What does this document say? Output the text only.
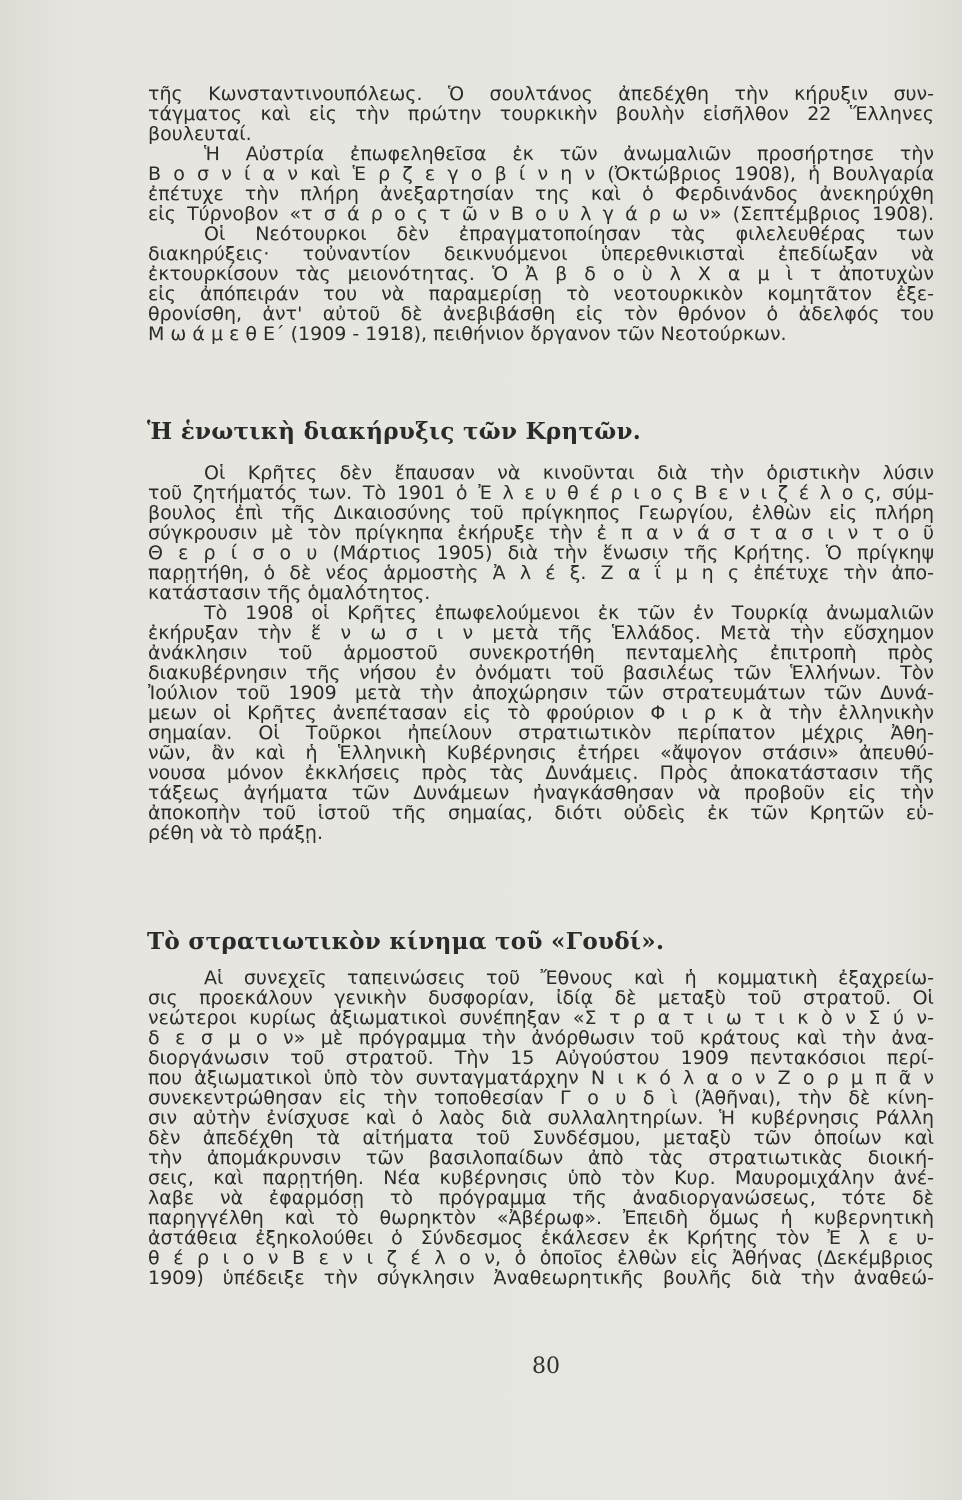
τῆς Κωνσταντινουπόλεως. Ὁ σουλτάνος ἀπεδέχθη τὴν κήρυξιν συν-
τάγματος καὶ εἰς τὴν πρώτην τουρκικὴν βουλὴν εἰσῆλθον 22 Ἕλληνες
βουλευταί.
Ἡ Αὐστρία ἐπωφεληθεῖσα ἐκ τῶν ἀνωμαλιῶν προσήρτησε τὴν
Β ο σ ν ί α ν καὶ Ἑ ρ ζ ε γ ο β ί ν η ν (Ὀκτώβριος 1908), ἡ Βουλγαρία
ἐπέτυχε τὴν πλήρη ἀνεξαρτησίαν της καὶ ὁ Φερδινάνδος ἀνεκηρύχθη
εἰς Τύρνοβον «τ σ ά ρ ο ς τ ῶ ν Β ο υ λ γ ά ρ ω ν» (Σεπτέμβριος 1908).
Οἱ Νεότουρκοι δὲν ἐπραγματοποίησαν τὰς φιλελευθέρας των
διακηρύξεις· τοὐναντίον δεικνυόμενοι ὑπερεθνικισταὶ ἐπεδίωξαν νὰ
ἐκτουρκίσουν τὰς μειονότητας. Ὁ Ἀ β δ ο ὺ λ Χ α μ ὶ τ ἀποτυχὼν
εἰς ἀπόπειράν του νὰ παραμερίσῃ τὸ νεοτουρκικὸν κομητᾶτον ἐξε-
θρονίσθη, ἀντ' αὐτοῦ δὲ ἀνεβιβάσθη εἰς τὸν θρόνον ὁ ἀδελφός του
Μ ω ά μ ε θ Ε΄ (1909 - 1918), πειθήνιον ὄργανον τῶν Νεοτούρκων.
Ἡ ἑνωτικὴ διακήρυξις τῶν Κρητῶν.
Οἱ Κρῆτες δὲν ἔπαυσαν νὰ κινοῦνται διὰ τὴν ὁριστικὴν λύσιν
τοῦ ζητήματός των. Τὸ 1901 ὁ Ἐ λ ε υ θ έ ρ ι ο ς Β ε ν ι ζ έ λ ο ς, σύμ-
βουλος ἐπὶ τῆς Δικαιοσύνης τοῦ πρίγκηπος Γεωργίου, ἐλθὼν εἰς πλήρη
σύγκρουσιν μὲ τὸν πρίγκηπα ἐκήρυξε τὴν ἐ π α ν ά σ τ α σ ι ν τ ο ῦ
Θ ε ρ ί σ ο υ (Μάρτιος 1905) διὰ τὴν ἕνωσιν τῆς Κρήτης. Ὁ πρίγκηψ
παρῃτήθη, ὁ δὲ νέος ἁρμοστὴς Ἀ λ έ ξ. Ζ α ΐ μ η ς ἐπέτυχε τὴν ἀπο-
κατάστασιν τῆς ὁμαλότητος.
Τὸ 1908 οἱ Κρῆτες ἐπωφελούμενοι ἐκ τῶν ἐν Τουρκίᾳ ἀνωμαλιῶν
ἐκήρυξαν τὴν ἕ ν ω σ ι ν μετὰ τῆς Ἑλλάδος. Μετὰ τὴν εὔσχημον
ἀνάκλησιν τοῦ ἁρμοστοῦ συνεκροτήθη πενταμελὴς ἐπιτροπὴ πρὸς
διακυβέρνησιν τῆς νήσου ἐν ὀνόματι τοῦ βασιλέως τῶν Ἑλλήνων. Τὸν
Ἰούλιον τοῦ 1909 μετὰ τὴν ἀποχώρησιν τῶν στρατευμάτων τῶν Δυνά-
μεων οἱ Κρῆτες ἀνεπέτασαν εἰς τὸ φρούριον Φ ι ρ κ ὰ τὴν ἑλληνικὴν
σημαίαν. Οἱ Τοῦρκοι ἠπείλουν στρατιωτικὸν περίπατον μέχρις Ἀθη-
νῶν, ἂν καὶ ἡ Ἑλληνικὴ Κυβέρνησις ἐτήρει «ἄψογον στάσιν» ἀπευθύ-
νουσα μόνον ἐκκλήσεις πρὸς τὰς Δυνάμεις. Πρὸς ἀποκατάστασιν τῆς
τάξεως ἀγήματα τῶν Δυνάμεων ἠναγκάσθησαν νὰ προβοῦν εἰς τὴν
ἀποκοπὴν τοῦ ἱστοῦ τῆς σημαίας, διότι οὐδεὶς ἐκ τῶν Κρητῶν εὑ-
ρέθη νὰ τὸ πράξῃ.
Τὸ στρατιωτικὸν κίνημα τοῦ «Γουδί».
Αἱ συνεχεῖς ταπεινώσεις τοῦ Ἔθνους καὶ ἡ κομματικὴ ἐξαχρείω-
σις προεκάλουν γενικὴν δυσφορίαν, ἰδίᾳ δὲ μεταξὺ τοῦ στρατοῦ. Οἱ
νεώτεροι κυρίως ἀξιωματικοὶ συνέπηξαν «Σ τ ρ α τ ι ω τ ι κ ὸ ν Σ ύ ν-
δ ε σ μ ο ν» μὲ πρόγραμμα τὴν ἀνόρθωσιν τοῦ κράτους καὶ τὴν ἀνα-
διοργάνωσιν τοῦ στρατοῦ. Τὴν 15 Αὐγούστου 1909 πεντακόσιοι περί-
που ἀξιωματικοὶ ὑπὸ τὸν συνταγματάρχην Ν ι κ ό λ α ο ν Ζ ο ρ μ π ᾶ ν
συνεκεντρώθησαν εἰς τὴν τοποθεσίαν Γ ο υ δ ὶ (Ἀθῆναι), τὴν δὲ κίνη-
σιν αὐτὴν ἐνίσχυσε καὶ ὁ λαὸς διὰ συλλαλητηρίων. Ἡ κυβέρνησις Ράλλη
δὲν ἀπεδέχθη τὰ αἰτήματα τοῦ Συνδέσμου, μεταξὺ τῶν ὁποίων καὶ
τὴν ἀπομάκρυνσιν τῶν βασιλοπαίδων ἀπὸ τὰς στρατιωτικὰς διοική-
σεις, καὶ παρῃτήθη. Νέα κυβέρνησις ὑπὸ τὸν Κυρ. Μαυρομιχάλην ἀνέ-
λαβε νὰ ἐφαρμόσῃ τὸ πρόγραμμα τῆς ἀναδιοργανώσεως, τότε δὲ
παρηγγέλθη καὶ τὸ θωρηκτὸν «Ἀβέρωφ». Ἐπειδὴ ὅμως ἡ κυβερνητικὴ
ἀστάθεια ἐξηκολούθει ὁ Σύνδεσμος ἐκάλεσεν ἐκ Κρήτης τὸν Ἐ λ ε υ-
θ έ ρ ι ο ν Β ε ν ι ζ έ λ ο ν, ὁ ὁποῖος ἐλθὼν εἰς Ἀθήνας (Δεκέμβριος
1909) ὑπέδειξε τὴν σύγκλησιν Ἀναθεωρητικῆς βουλῆς διὰ τὴν ἀναθεώ-
80
